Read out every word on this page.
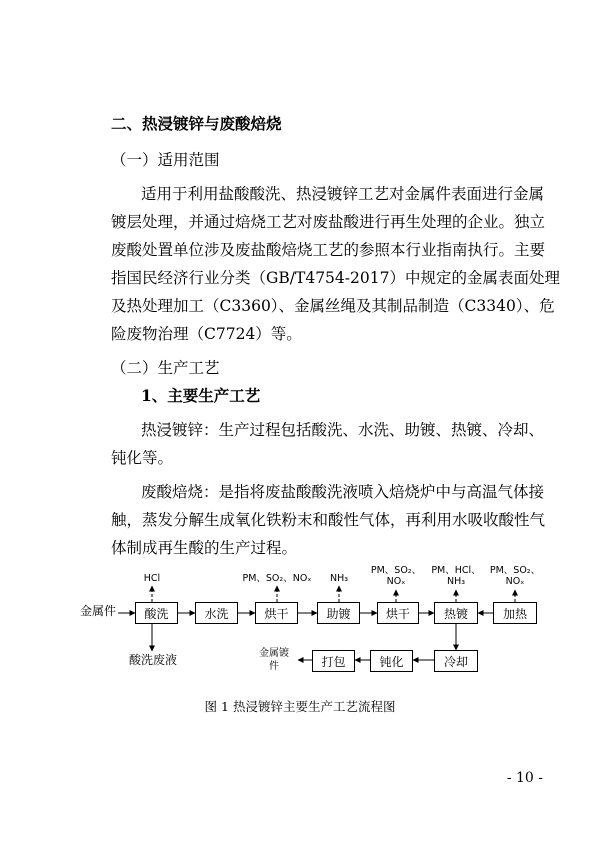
二、热浸镀锌与废酸焙烧
（一）适用范围
适用于利用盐酸酸洗、热浸镀锌工艺对金属件表面进行金属
镀层处理，并通过焙烧工艺对废盐酸进行再生处理的企业。独立
废酸处置单位涉及废盐酸焙烧工艺的参照本行业指南执行。主要
指国民经济行业分类（GB/T4754-2017）中规定的金属表面处理
及热处理加工（C3360）、金属丝绳及其制品制造（C3340）、危
险废物治理（C7724）等。
（二）生产工艺
1、主要生产工艺
热浸镀锌：生产过程包括酸洗、水洗、助镀、热镀、冷却、
钝化等。
废酸焙烧：是指将废盐酸酸洗液喷入焙烧炉中与高温气体接
触，蒸发分解生成氧化铁粉末和酸性气体，再利用水吸收酸性气
体制成再生酸的生产过程。
金属件	酸洗	水洗	烘干	助镀	烘干	热镀	加热
冷却
钝化
打包
金属镀
件
酸洗废液
HCl	PM、SO₂、NOₓ	NH₃
PM、SO₂、
NOₓ
PM、HCl、
NH₃
PM、SO₂、
NOₓ
图 1 热浸镀锌主要生产工艺流程图
- 10 -
